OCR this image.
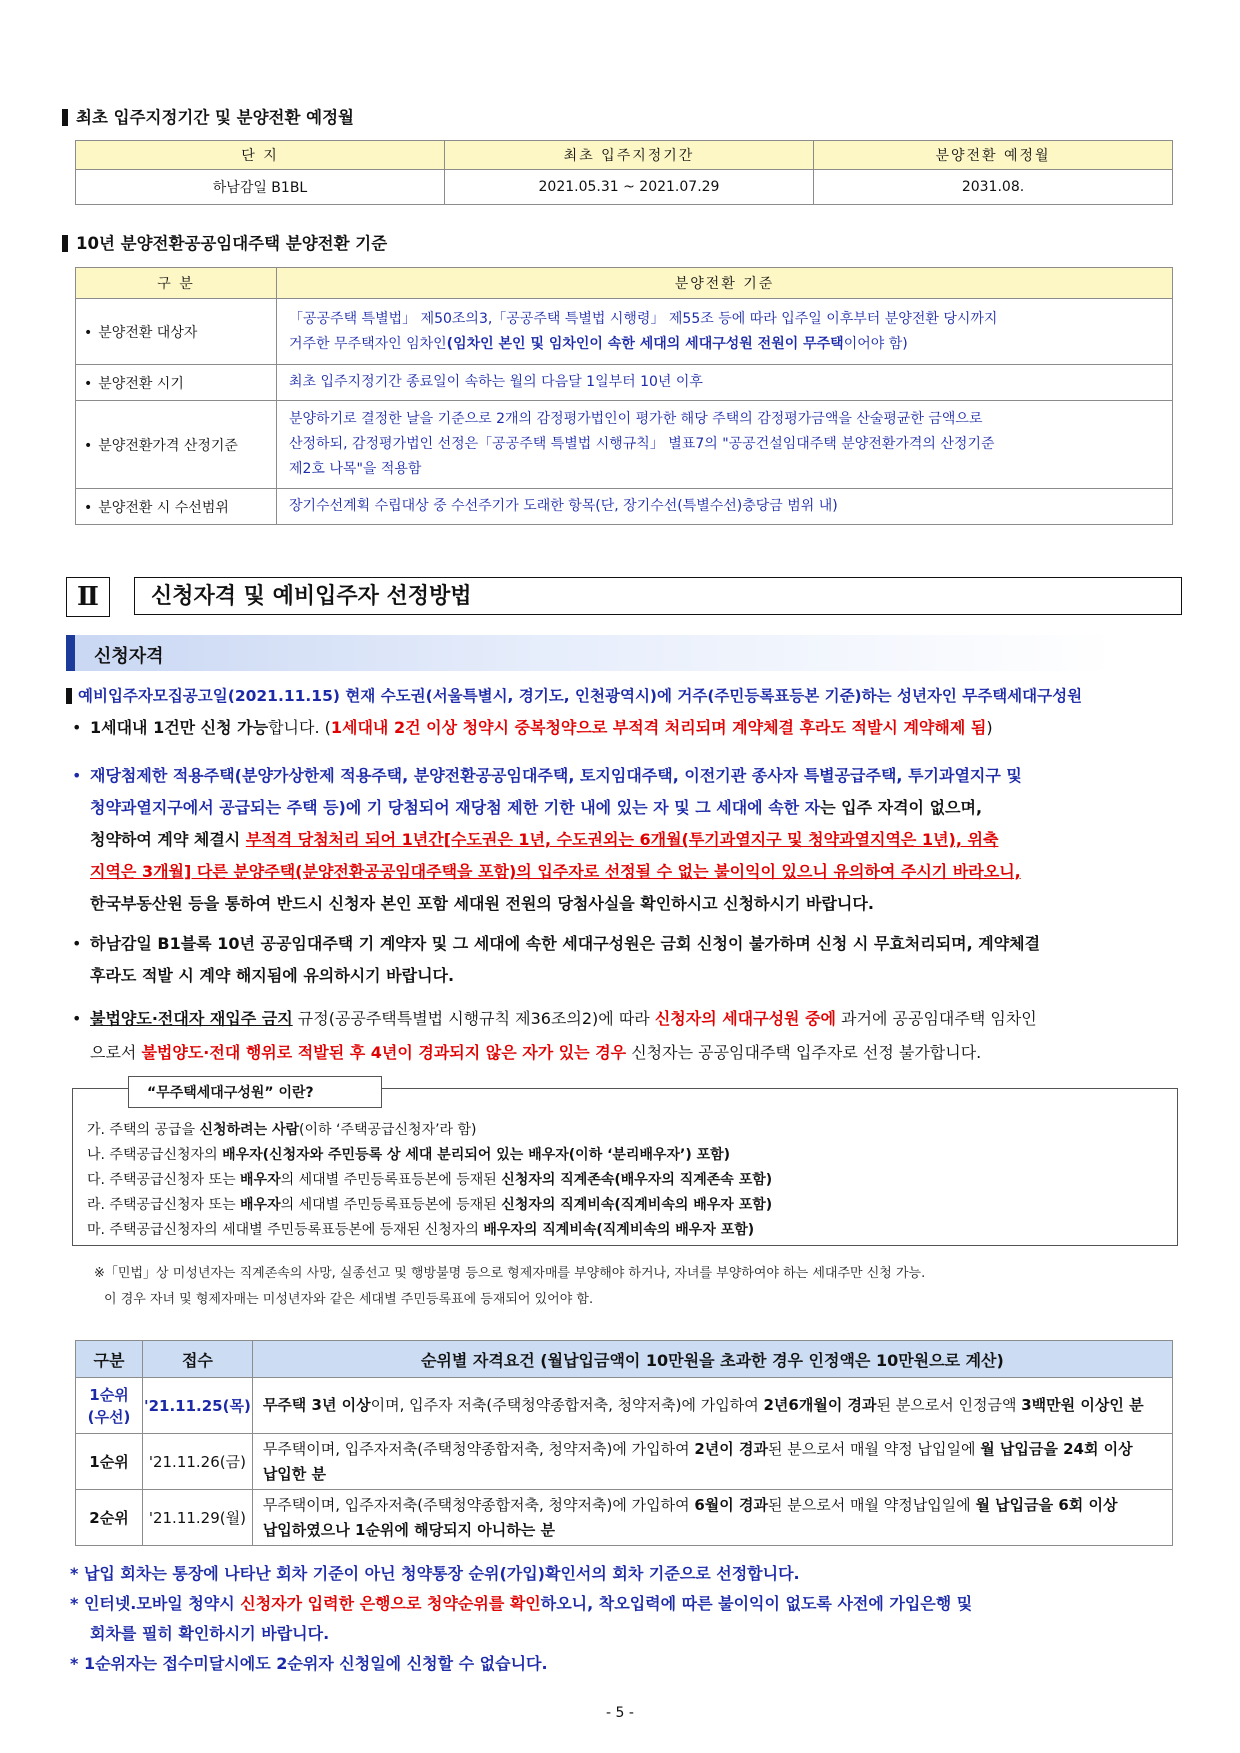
최초 입주지정기간 및 분양전환 예정월
단 지	최초 입주지정기간	분양전환 예정월
하남감일 B1BL	2021.05.31 ~ 2021.07.29	2031.08.
10년 분양전환공공임대주택 분양전환 기준
구 분	분양전환 기준
• 분양전환 대상자	「공공주택 특별법」 제50조의3,「공공주택 특별법 시행령」 제55조 등에 따라 입주일 이후부터 분양전환 당시까지
거주한 무주택자인 임차인(임차인 본인 및 임차인이 속한 세대의 세대구성원 전원이 무주택이어야 함)

• 분양전환 시기	최초 입주지정기간 종료일이 속하는 월의 다음달 1일부터 10년 이후
• 분양전환가격 산정기준	분양하기로 결정한 날을 기준으로 2개의 감정평가법인이 평가한 해당 주택의 감정평가금액을 산술평균한 금액으로
산정하되, 감정평가법인 선정은「공공주택 특별법 시행규칙」 별표7의 "공공건설임대주택 분양전환가격의 산정기준
제2호 나목"을 적용함

• 분양전환 시 수선범위	장기수선계획 수립대상 중 수선주기가 도래한 항목(단, 장기수선(특별수선)충당금 범위 내)
Ⅱ	신청자격 및 예비입주자 선정방법
신청자격
예비입주자모집공고일(2021.11.15) 현재 수도권(서울특별시, 경기도, 인천광역시)에 거주(주민등록표등본 기준)하는 성년자인 무주택세대구성원
• 1세대내 1건만 신청 가능합니다. (1세대내 2건 이상 청약시 중복청약으로 부적격 처리되며 계약체결 후라도 적발시 계약해제 됨)
• 재당첨제한 적용주택(분양가상한제 적용주택, 분양전환공공임대주택, 토지임대주택, 이전기관 종사자 특별공급주택, 투기과열지구 및
청약과열지구에서 공급되는 주택 등)에 기 당첨되어 재당첨 제한 기한 내에 있는 자 및 그 세대에 속한 자는 입주 자격이 없으며,
청약하여 계약 체결시 부적격 당첨처리 되어 1년간[수도권은 1년, 수도권외는 6개월(투기과열지구 및 청약과열지역은 1년), 위축
지역은 3개월] 다른 분양주택(분양전환공공임대주택을 포함)의 입주자로 선정될 수 없는 불이익이 있으니 유의하여 주시기 바라오니,
한국부동산원 등을 통하여 반드시 신청자 본인 포함 세대원 전원의 당첨사실을 확인하시고 신청하시기 바랍니다.
• 하남감일 B1블록 10년 공공임대주택 기 계약자 및 그 세대에 속한 세대구성원은 금회 신청이 불가하며 신청 시 무효처리되며, 계약체결
후라도 적발 시 계약 해지됨에 유의하시기 바랍니다.
• 불법양도·전대자 재입주 금지 규정(공공주택특별법 시행규칙 제36조의2)에 따라 신청자의 세대구성원 중에 과거에 공공임대주택 임차인
으로서 불법양도·전대 행위로 적발된 후 4년이 경과되지 않은 자가 있는 경우 신청자는 공공임대주택 입주자로 선정 불가합니다.
가. 주택의 공급을 신청하려는 사람(이하 ‘주택공급신청자’라 함)
나. 주택공급신청자의 배우자(신청자와 주민등록 상 세대 분리되어 있는 배우자(이하 ‘분리배우자’) 포함)
다. 주택공급신청자 또는 배우자의 세대별 주민등록표등본에 등재된 신청자의 직계존속(배우자의 직계존속 포함)
라. 주택공급신청자 또는 배우자의 세대별 주민등록표등본에 등재된 신청자의 직계비속(직계비속의 배우자 포함)
마. 주택공급신청자의 세대별 주민등록표등본에 등재된 신청자의 배우자의 직계비속(직계비속의 배우자 포함)
“무주택세대구성원” 이란?
※「민법」상 미성년자는 직계존속의 사망, 실종선고 및 행방불명 등으로 형제자매를 부양해야 하거나, 자녀를 부양하여야 하는 세대주만 신청 가능.
이 경우 자녀 및 형제자매는 미성년자와 같은 세대별 주민등록표에 등재되어 있어야 함.
구분	접수	순위별 자격요건 (월납입금액이 10만원을 초과한 경우 인정액은 10만원으로 계산)
1순위
(우선)	'21.11.25(목)	무주택 3년 이상이며, 입주자 저축(주택청약종합저축, 청약저축)에 가입하여 2년6개월이 경과된 분으로서 인정금액 3백만원 이상인 분
1순위	'21.11.26(금)	무주택이며, 입주자저축(주택청약종합저축, 청약저축)에 가입하여 2년이 경과된 분으로서 매월 약정 납입일에 월 납입금을 24회 이상
납입한 분

2순위	'21.11.29(월)	무주택이며, 입주자저축(주택청약종합저축, 청약저축)에 가입하여 6월이 경과된 분으로서 매월 약정납입일에 월 납입금을 6회 이상
납입하였으나 1순위에 해당되지 아니하는 분
* 납입 회차는 통장에 나타난 회차 기준이 아닌 청약통장 순위(가입)확인서의 회차 기준으로 선정합니다.
* 인터넷.모바일 청약시 신청자가 입력한 은행으로 청약순위를 확인하오니, 착오입력에 따른 불이익이 없도록 사전에 가입은행 및
회차를 필히 확인하시기 바랍니다.
* 1순위자는 접수미달시에도 2순위자 신청일에 신청할 수 없습니다.
- 5 -
